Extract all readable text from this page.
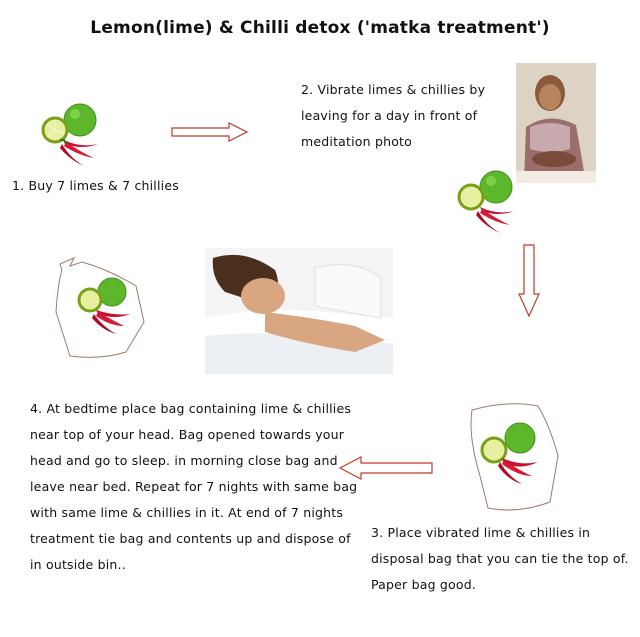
Lemon(lime) & Chilli detox ('matka treatment')
1. Buy 7 limes & 7 chillies
2. Vibrate limes & chillies by leaving for a day in front of meditation photo
3. Place vibrated lime & chillies in disposal bag that you can tie the top of. Paper bag good.
4. At bedtime place bag containing lime & chillies near top of your head. Bag opened towards your head and go to sleep. in morning close bag and leave near bed. Repeat for 7 nights with same bag with same lime & chillies in it. At end of 7 nights treatment tie bag and contents up and dispose of in outside bin..
